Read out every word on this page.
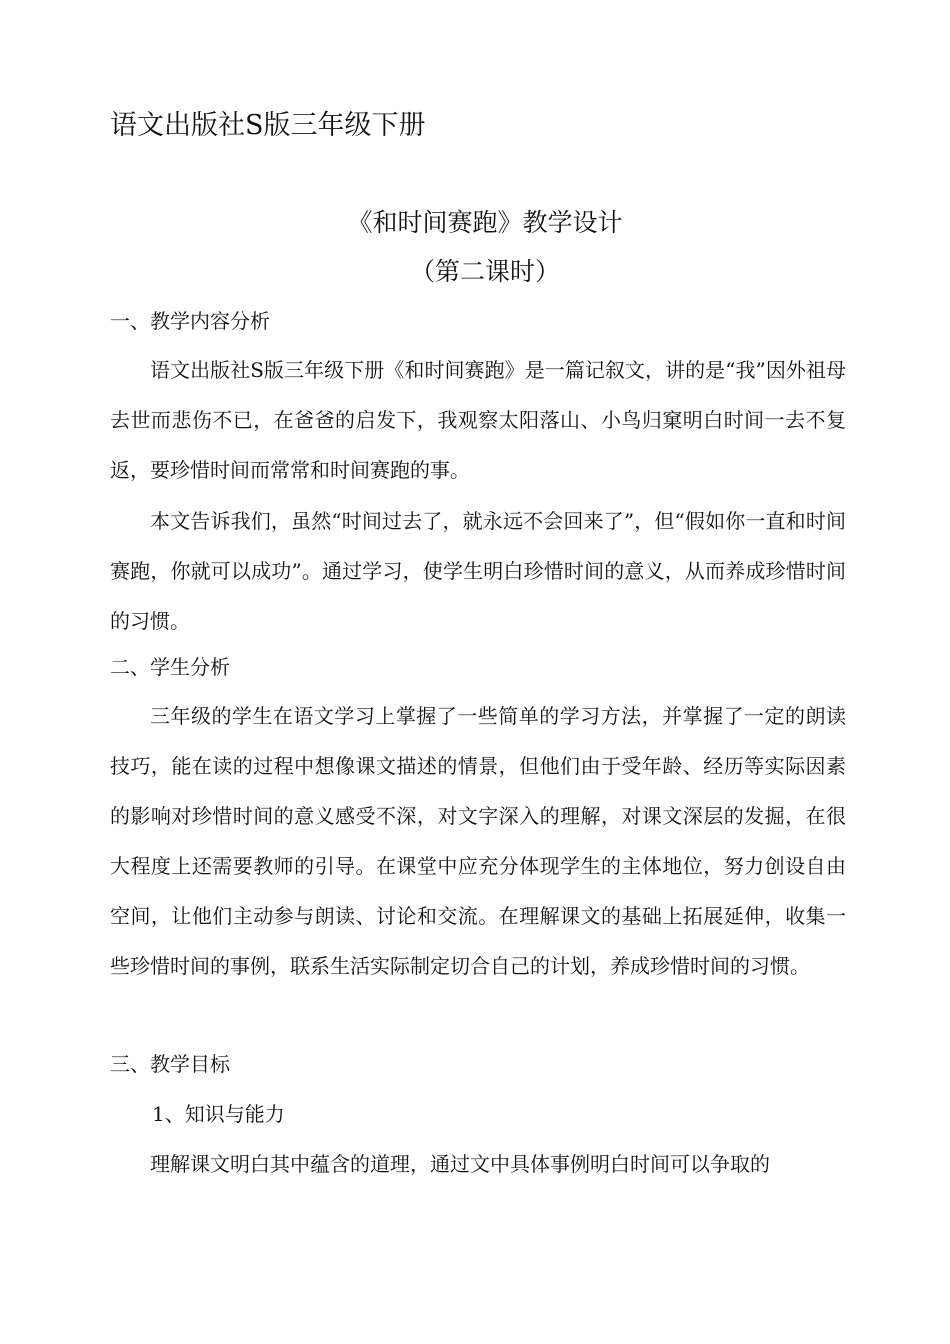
语文出版社S版三年级下册
《和时间赛跑》教学设计
（第二课时）
一、教学内容分析
语文出版社S版三年级下册《和时间赛跑》是一篇记叙文，讲的是“我”因外祖母去世而悲伤不已，在爸爸的启发下，我观察太阳落山、小鸟归窠明白时间一去不复返，要珍惜时间而常常和时间赛跑的事。
本文告诉我们，虽然“时间过去了，就永远不会回来了”，但“假如你一直和时间赛跑，你就可以成功”。通过学习，使学生明白珍惜时间的意义，从而养成珍惜时间的习惯。
二、学生分析
三年级的学生在语文学习上掌握了一些简单的学习方法，并掌握了一定的朗读技巧，能在读的过程中想像课文描述的情景，但他们由于受年龄、经历等实际因素的影响对珍惜时间的意义感受不深，对文字深入的理解，对课文深层的发掘，在很大程度上还需要教师的引导。在课堂中应充分体现学生的主体地位，努力创设自由空间，让他们主动参与朗读、讨论和交流。在理解课文的基础上拓展延伸，收集一些珍惜时间的事例，联系生活实际制定切合自己的计划，养成珍惜时间的习惯。
三、教学目标
1、知识与能力
理解课文明白其中蕴含的道理，通过文中具体事例明白时间可以争取的
